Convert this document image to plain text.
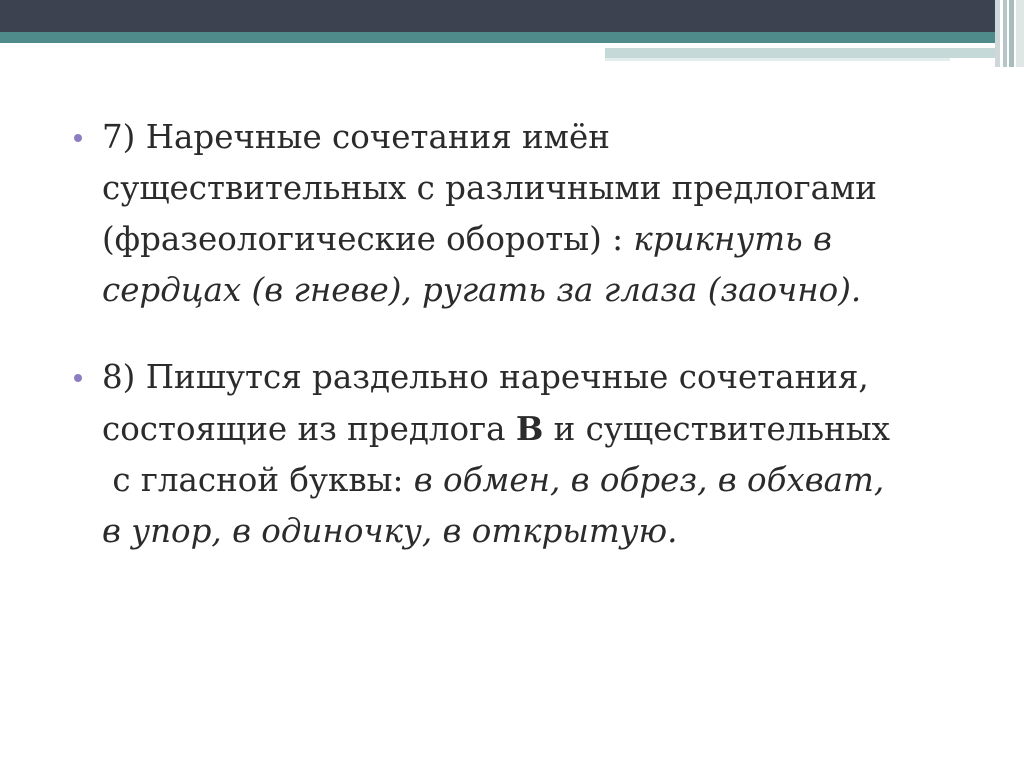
7) Наречные сочетания имён
существительных с различными предлогами
(фразеологические обороты) : крикнуть в
сердцах (в гневе), ругать за глаза (заочно).
8) Пишутся раздельно наречные сочетания,
состоящие из предлога В и существительных
с гласной буквы: в обмен, в обрез, в обхват,
в упор, в одиночку, в открытую.
